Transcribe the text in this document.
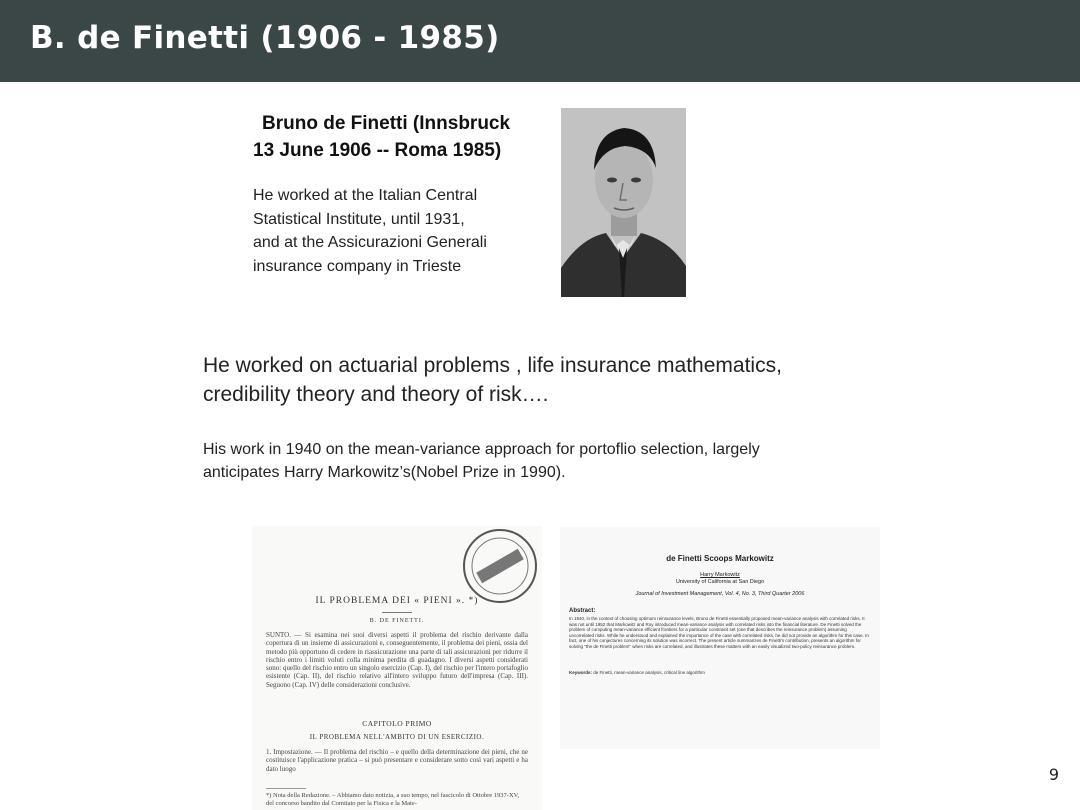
B. de Finetti (1906 - 1985)
Bruno de Finetti (Innsbruck
13 June 1906 -- Roma 1985)
He worked at the Italian Central
Statistical Institute, until 1931,
and at the Assicurazioni Generali
insurance company in Trieste
He worked on actuarial problems , life insurance mathematics,
credibility theory and theory of risk….
His work in 1940 on the mean-variance approach for portoflio selection, largely
anticipates Harry Markowitz’s(Nobel Prize in 1990).
IL PROBLEMA DEI « PIENI ». *)
B. DE FINETTI.
SUNTO. — Si esamina nei suoi diversi aspetti il problema del rischio derivante dalla copertura di un insieme di assicurazioni e, conseguentemente, il problema dei pieni, ossia del metodo più opportuno di cedere in riassicurazione una parte di tali assicurazioni per ridurre il rischio entro i limiti voluti colla minima perdita di guadagno. I diversi aspetti considerati sono: quello del rischio entro un singolo esercizio (Cap. I), del rischio per l'intero portafoglio esistente (Cap. II), del rischio relativo all'intero sviluppo futuro dell'impresa (Cap. III). Seguono (Cap. IV) delle considerazioni conclusive.
CAPITOLO PRIMO
IL PROBLEMA NELL'AMBITO DI UN ESERCIZIO.
1. Impostazione. — Il problema del rischio – e quello della determinazione dei pieni, che ne costituisce l'applicazione pratica – si può presentare e considerare sotto così vari aspetti e ha dato luogo
*) Nota della Redazione. – Abbiamo dato notizia, a suo tempo, nel fascicolo di Ottobre 1937-XV, del concorso bandito dal Comitato per la Fisica e la Mate-
de Finetti Scoops Markowitz
Harry Markowitz
University of California at San Diego
Journal of Investment Management, Vol. 4, No. 3, Third Quarter 2006
Abstract:
In 1940, in the context of choosing optimum reinsurance levels, Bruno de Finetti essentially proposed mean-variance analysis with correlated risks. It was not until 1952 that Markowitz and Roy introduced mean-variance analysis with correlated risks into the financial literature. De Finetti solved the problem of computing mean-variance efficient frontiers for a particular constraint set (one that describes the reinsurance problem) assuming uncorrelated risks. While he understood and explained the importance of the case with correlated risks, he did not provide an algorithm for this case. In fact, one of his conjectures concerning its solution was incorrect. The present article summarizes de Finetti's contribution, presents an algorithm for solving "the de Finetti problem" when risks are correlated, and illustrates these matters with an easily visualized two-policy reinsurance problem.
Keywords: de Finetti, mean-variance analysis, critical line algorithm
9
